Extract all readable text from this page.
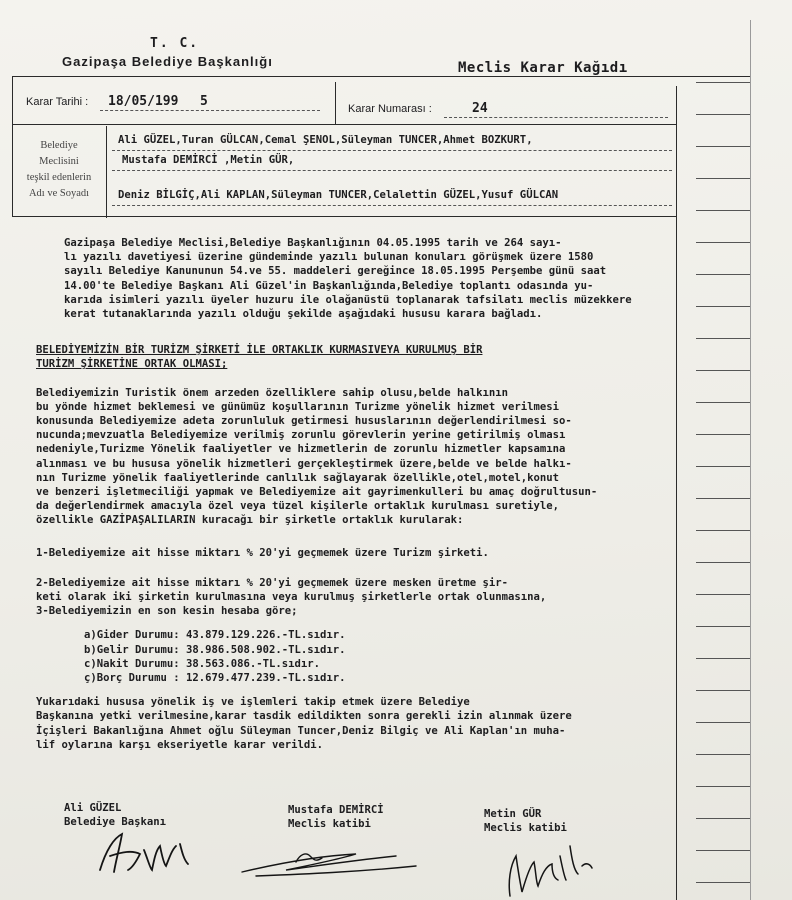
T. C.
Gazipaşa Belediye Başkanlığı	Meclis Karar Kağıdı
Karar Tarihi : 18/05/199 5	Karar Numarası :	24
Belediye
Meclisini
teşkil edenlerin
Adı ve Soyadı
Ali GÜZEL,Turan GÜLCAN,Cemal ŞENOL,Süleyman TUNCER,Ahmet BOZKURT,
Mustafa DEMİRCİ ,Metin GÜR,
Deniz BİLGİÇ,Ali KAPLAN,Süleyman TUNCER,Celalettin GÜZEL,Yusuf GÜLCAN
Gazipaşa Belediye Meclisi,Belediye Başkanlığının 04.05.1995 tarih ve 264 sayı-
lı yazılı davetiyesi üzerine gündeminde yazılı bulunan konuları görüşmek üzere 1580
sayılı Belediye Kanununun 54.ve 55. maddeleri gereğince 18.05.1995 Perşembe günü saat
14.00'te Belediye Başkanı Ali Güzel'in Başkanlığında,Belediye toplantı odasında yu-
karıda isimleri yazılı üyeler huzuru ile olağanüstü toplanarak tafsilatı meclis müzekkere
kerat tutanaklarında yazılı olduğu şekilde aşağıdaki hususu karara bağladı.
BELEDİYEMİZİN BİR TURİZM ŞİRKETİ İLE ORTAKLIK KURMASIVEYA KURULMUŞ BİR
TURİZM ŞİRKETİNE ORTAK OLMASI;
Belediyemizin Turistik önem arzeden özelliklere sahip olusu,belde halkının
bu yönde hizmet beklemesi ve günümüz koşullarının Turizme yönelik hizmet verilmesi
konusunda Belediyemize adeta zorunluluk getirmesi hususlarının değerlendirilmesi so-
nucunda;mevzuatla Belediyemize verilmiş zorunlu görevlerin yerine getirilmiş olması
nedeniyle,Turizme Yönelik faaliyetler ve hizmetlerin de zorunlu hizmetler kapsamına
alınması ve bu hususa yönelik hizmetleri gerçekleştirmek üzere,belde ve belde halkı-
nın Turizme yönelik faaliyetlerinde canlılık sağlayarak özellikle,otel,motel,konut
ve benzeri işletmeciliği yapmak ve Belediyemize ait gayrimenkulleri bu amaç doğrultusun-
da değerlendirmek amacıyla özel veya tüzel kişilerle ortaklık kurulması suretiyle,
özellikle GAZİPAŞALILARIN kuracağı bir şirketle ortaklık kurularak:
1-Belediyemize ait hisse miktarı % 20'yi geçmemek üzere Turizm şirketi.
2-Belediyemize ait hisse miktarı % 20'yi geçmemek üzere mesken üretme şir-
keti olarak iki şirketin kurulmasına veya kurulmuş şirketlerle ortak olunmasına,
3-Belediyemizin en son kesin hesaba göre;
a)Gider Durumu: 43.879.129.226.-TL.sıdır.
b)Gelir Durumu: 38.986.508.902.-TL.sıdır.
c)Nakit Durumu: 38.563.086.-TL.sıdır.
ç)Borç Durumu : 12.679.477.239.-TL.sıdır.
Yukarıdaki hususa yönelik iş ve işlemleri takip etmek üzere Belediye
Başkanına yetki verilmesine,karar tasdik edildikten sonra gerekli izin alınmak üzere
İçişleri Bakanlığına Ahmet oğlu Süleyman Tuncer,Deniz Bilgiç ve Ali Kaplan'ın muha-
lif oylarına karşı ekseriyetle karar verildi.
Ali GÜZEL
Belediye Başkanı
Mustafa DEMİRCİ
Meclis katibi
Metin GÜR
Meclis katibi
